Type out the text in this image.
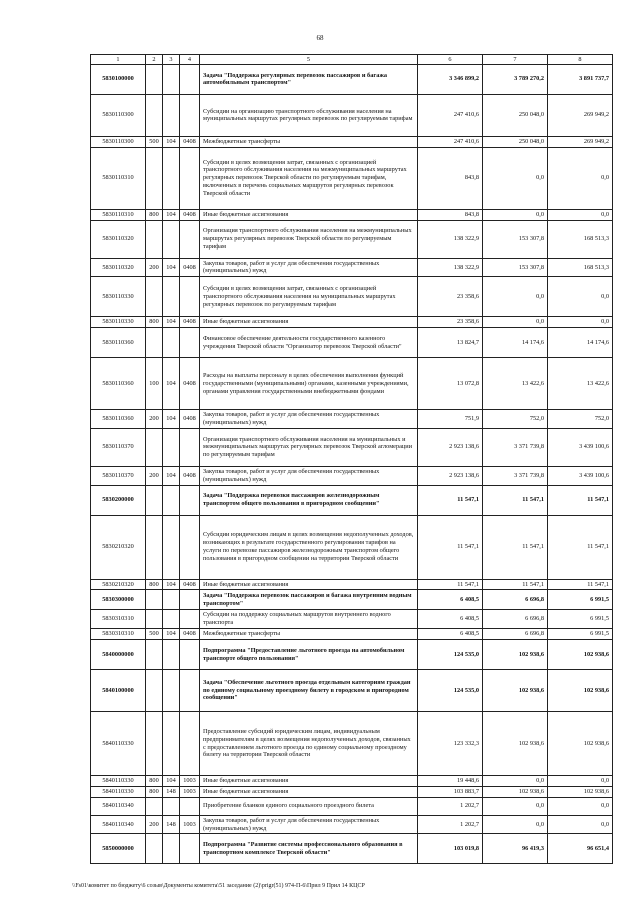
68
1	2	3	4	5	6	7	8
5830100000				Задача "Поддержка регулярных перевозок пассажиров и багажа автомобильным транспортом"	3 346 899,2	3 789 270,2	3 891 737,7
5830110300				Субсидии на организацию транспортного обслуживания населения на муниципальных маршрутах регулярных перевозок по регулируемым тарифам	247 410,6	250 048,0	269 949,2
5830110300	500	104	0408	Межбюджетные трансферты	247 410,6	250 048,0	269 949,2
5830110310				Субсидии в целях возмещения затрат, связанных с организацией транспортного обслуживания населения на межмуниципальных маршрутах регулярных перевозок Тверской области по регулируемым тарифам, включенных в перечень социальных маршрутов регулярных перевозок Тверской области	843,8	0,0	0,0
5830110310	800	104	0408	Иные бюджетные ассигнования	843,8	0,0	0,0
5830110320				Организация транспортного обслуживания населения на межмуниципальных маршрутах регулярных перевозок Тверской области по регулируемым тарифам	138 322,9	153 307,8	168 513,3
5830110320	200	104	0408	Закупка товаров, работ и услуг для обеспечения государственных (муниципальных) нужд	138 322,9	153 307,8	168 513,3
5830110330				Субсидии в целях возмещения затрат, связанных с организацией транспортного обслуживания населения на муниципальных маршрутах регулярных перевозок по регулируемым тарифам	23 358,6	0,0	0,0
5830110330	800	104	0408	Иные бюджетные ассигнования	23 358,6	0,0	0,0
5830110360				Финансовое обеспечение деятельности государственного казенного учреждения Тверской области "Организатор перевозок Тверской области"	13 824,7	14 174,6	14 174,6
5830110360	100	104	0408	Расходы на выплаты персоналу в целях обеспечения выполнения функций государственными (муниципальными) органами, казенными учреждениями, органами управления государственными внебюджетными фондами	13 072,8	13 422,6	13 422,6
5830110360	200	104	0408	Закупка товаров, работ и услуг для обеспечения государственных (муниципальных) нужд	751,9	752,0	752,0
5830110370				Организация транспортного обслуживания населения на муниципальных и межмуниципальных маршрутах регулярных перевозок Тверской агломерации по регулируемым тарифам	2 923 138,6	3 371 739,8	3 439 100,6
5830110370	200	104	0408	Закупка товаров, работ и услуг для обеспечения государственных (муниципальных) нужд	2 923 138,6	3 371 739,8	3 439 100,6
5830200000				Задача "Поддержка перевозки пассажиров железнодорожным транспортом общего пользования в пригородном сообщении"	11 547,1	11 547,1	11 547,1
5830210320				Субсидии юридическим лицам в целях возмещения недополученных доходов, возникающих в результате государственного регулирования тарифов на услуги по перевозке пассажиров железнодорожным транспортом общего пользования в пригородном сообщении на территории Тверской области	11 547,1	11 547,1	11 547,1
5830210320	800	104	0408	Иные бюджетные ассигнования	11 547,1	11 547,1	11 547,1
5830300000				Задача "Поддержка перевозок пассажиров и багажа внутренним водным транспортом"	6 408,5	6 696,8	6 991,5
5830310310				Субсидии на поддержку социальных маршрутов внутреннего водного транспорта	6 408,5	6 696,8	6 991,5
5830310310	500	104	0408	Межбюджетные трансферты	6 408,5	6 696,8	6 991,5
5840000000				Подпрограмма "Предоставление льготного проезда на автомобильном транспорте общего пользования"	124 535,0	102 938,6	102 938,6
5840100000				Задача "Обеспечение льготного проезда отдельным категориям граждан по единому социальному проездному билету в городском и пригородном сообщении"	124 535,0	102 938,6	102 938,6
5840110330				Предоставление субсидий юридическим лицам, индивидуальным предпринимателям в целях возмещения недополученных доходов, связанных с предоставлением льготного проезда по единому социальному проездному билету на территории Тверской области	123 332,3	102 938,6	102 938,6
5840110330	800	104	1003	Иные бюджетные ассигнования	19 448,6	0,0	0,0
5840110330	800	148	1003	Иные бюджетные ассигнования	103 883,7	102 938,6	102 938,6
5840110340				Приобретение бланков единого социального проездного билета	1 202,7	0,0	0,0
5840110340	200	148	1003	Закупка товаров, работ и услуг для обеспечения государственных (муниципальных) нужд	1 202,7	0,0	0,0
5850000000				Подпрограмма "Развитие системы профессионального образования в транспортном комплексе Тверской области"	103 019,8	96 419,3	96 651,4
\\Fs01\комитет по бюджету\6 созыв\Документы комитета\51 заседание (2)\prigr(51) 974-П-6\Прил 9 Прил 14 КЦСР
